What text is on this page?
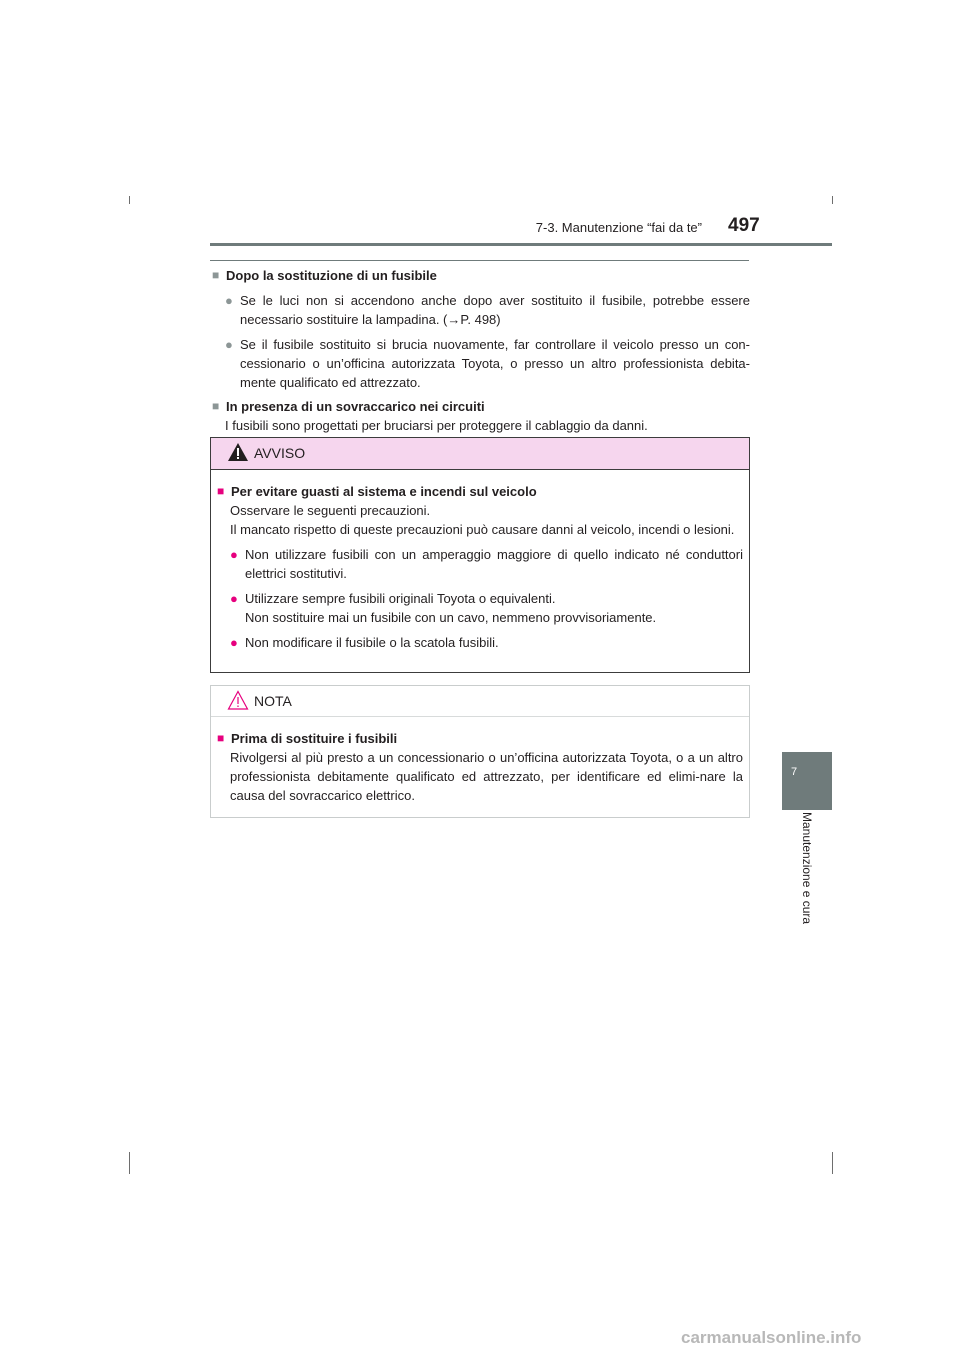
7-3. Manutenzione “fai da te” 497
7
Manutenzione e cura
■ Dopo la sostituzione di un fusibile
● Se le luci non si accendono anche dopo aver sostituito il fusibile, potrebbe essere necessario sostituire la lampadina. (→P. 498)
● Se il fusibile sostituito si brucia nuovamente, far controllare il veicolo presso un con-cessionario o un’officina autorizzata Toyota, o presso un altro professionista debita-mente qualificato ed attrezzato.
■ In presenza di un sovraccarico nei circuiti
I fusibili sono progettati per bruciarsi per proteggere il cablaggio da danni.
AVVISO
■ Per evitare guasti al sistema e incendi sul veicolo
Osservare le seguenti precauzioni.
Il mancato rispetto di queste precauzioni può causare danni al veicolo, incendi o lesioni.
● Non utilizzare fusibili con un amperaggio maggiore di quello indicato né conduttori elettrici sostitutivi.
● Utilizzare sempre fusibili originali Toyota o equivalenti.
Non sostituire mai un fusibile con un cavo, nemmeno provvisoriamente.
● Non modificare il fusibile o la scatola fusibili.
NOTA
■ Prima di sostituire i fusibili
Rivolgersi al più presto a un concessionario o un’officina autorizzata Toyota, o a un altro professionista debitamente qualificato ed attrezzato, per identificare ed elimi-nare la causa del sovraccarico elettrico.
carmanualsonline.info
